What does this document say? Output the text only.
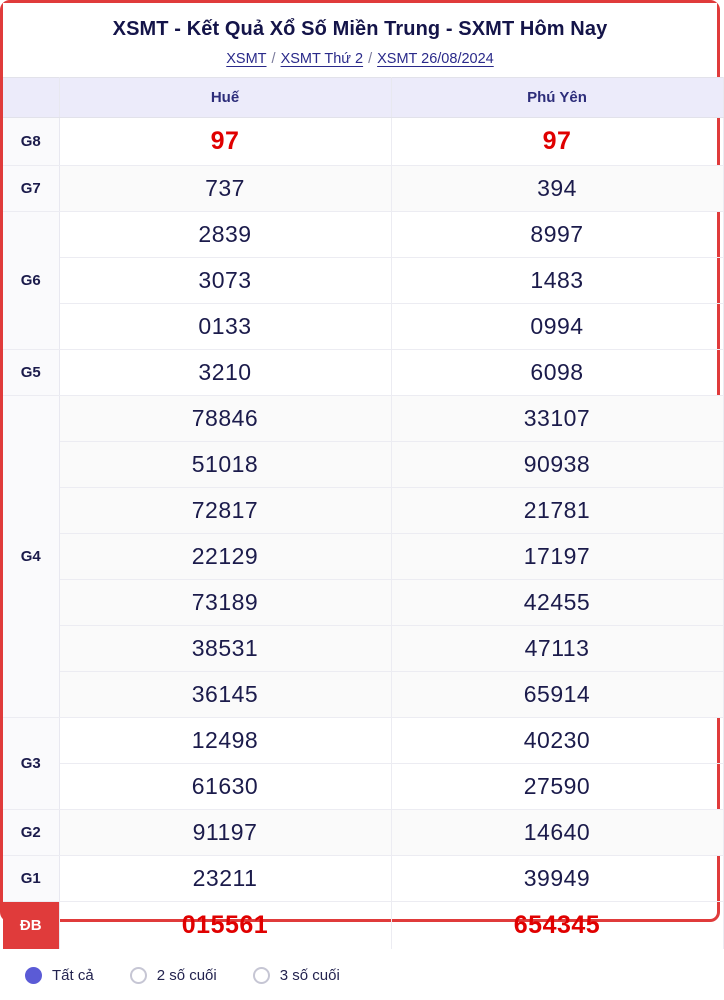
XSMT - Kết Quả Xổ Số Miền Trung - SXMT Hôm Nay
XSMT / XSMT Thứ 2 / XSMT 26/08/2024
	Huế	Phú Yên
G8	97	97
G7	737	394
G6	2839	8997
	3073	1483
	0133	0994
G5	3210	6098
G4	78846	33107
	51018	90938
	72817	21781
	22129	17197
	73189	42455
	38531	47113
	36145	65914
G3	12498	40230
	61630	27590
G2	91197	14640
G1	23211	39949
ĐB	015561	654345
Tất cả	2 số cuối	3 số cuối
